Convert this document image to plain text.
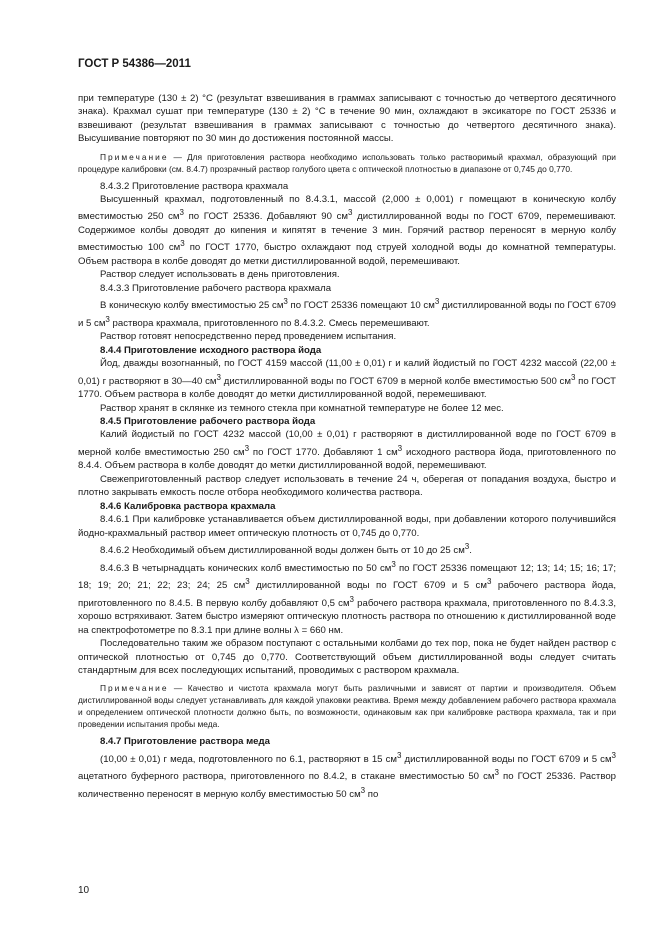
ГОСТ Р 54386—2011

при температуре (130 ± 2) °С (результат взвешивания в граммах записывают с точностью до четвертого десятичного знака). Крахмал сушат при температуре (130 ± 2) °С в течение 90 мин, охлаждают в эксикаторе по ГОСТ 25336 и взвешивают (результат взвешивания в граммах записывают с точностью до четвертого десятичного знака). Высушивание повторяют по 30 мин до достижения постоянной массы.

Примечание — Для приготовления раствора необходимо использовать только растворимый крахмал, образующий при процедуре калибровки (см. 8.4.7) прозрачный раствор голубого цвета с оптической плотностью в диапазоне от 0,745 до 0,770.

8.4.3.2 Приготовление раствора крахмала

Высушенный крахмал, подготовленный по 8.4.3.1, массой (2,000 ± 0,001) г помещают в коническую колбу вместимостью 250 $см^3$ по ГОСТ 25336. Добавляют 90 $см^3$ дистиллированной воды по ГОСТ 6709, перемешивают. Содержимое колбы доводят до кипения и кипятят в течение 3 мин. Горячий раствор переносят в мерную колбу вместимостью 100 $см^3$ по ГОСТ 1770, быстро охлаждают под струей холодной воды до комнатной температуры. Объем раствора в колбе доводят до метки дистиллированной водой, перемешивают.

Раствор следует использовать в день приготовления.

8.4.3.3 Приготовление рабочего раствора крахмала

В коническую колбу вместимостью 25 $см^3$ по ГОСТ 25336 помещают 10 $см^3$ дистиллированной воды по ГОСТ 6709 и 5 $см^3$ раствора крахмала, приготовленного по 8.4.3.2. Смесь перемешивают.

Раствор готовят непосредственно перед проведением испытания.

8.4.4 Приготовление исходного раствора йода

Йод, дважды возогнанный, по ГОСТ 4159 массой (11,00 ± 0,01) г и калий йодистый по ГОСТ 4232 массой (22,00 ± 0,01) г растворяют в 30—40 $см^3$ дистиллированной воды по ГОСТ 6709 в мерной колбе вместимостью 500 $см^3$ по ГОСТ 1770. Объем раствора в колбе доводят до метки дистиллированной водой, перемешивают.

Раствор хранят в склянке из темного стекла при комнатной температуре не более 12 мес.

8.4.5 Приготовление рабочего раствора йода

Калий йодистый по ГОСТ 4232 массой (10,00 ± 0,01) г растворяют в дистиллированной воде по ГОСТ 6709 в мерной колбе вместимостью 250 $см^3$ по ГОСТ 1770. Добавляют 1 $см^3$ исходного раствора йода, приготовленного по 8.4.4. Объем раствора в колбе доводят до метки дистиллированной водой, перемешивают.

Свежеприготовленный раствор следует использовать в течение 24 ч, оберегая от попадания воздуха, быстро и плотно закрывать емкость после отбора необходимого количества раствора.

8.4.6 Калибровка раствора крахмала

8.4.6.1 При калибровке устанавливается объем дистиллированной воды, при добавлении которого получившийся йодно-крахмальный раствор имеет оптическую плотность от 0,745 до 0,770.

8.4.6.2 Необходимый объем дистиллированной воды должен быть от 10 до 25 $см^3$.

8.4.6.3 В четырнадцать конических колб вместимостью по 50 $см^3$ по ГОСТ 25336 помещают 12; 13; 14; 15; 16; 17; 18; 19; 20; 21; 22; 23; 24; 25 $см^3$ дистиллированной воды по ГОСТ 6709 и 5 $см^3$ рабочего раствора йода, приготовленного по 8.4.5. В первую колбу добавляют 0,5 $см^3$ рабочего раствора крахмала, приготовленного по 8.4.3.3, хорошо встряхивают. Затем быстро измеряют оптическую плотность раствора по отношению к дистиллированной воде на спектрофотометре по 8.3.1 при длине волны λ = 660 нм.

Последовательно таким же образом поступают с остальными колбами до тех пор, пока не будет найден раствор с оптической плотностью от 0,745 до 0,770. Соответствующий объем дистиллированной воды следует считать стандартным для всех последующих испытаний, проводимых с раствором крахмала.

Примечание — Качество и чистота крахмала могут быть различными и зависят от партии и производителя. Объем дистиллированной воды следует устанавливать для каждой упаковки реактива. Время между добавлением рабочего раствора крахмала и определением оптической плотности должно быть, по возможности, одинаковым как при калибровке раствора крахмала, так и при проведении испытания пробы меда.

8.4.7 Приготовление раствора меда

(10,00 ± 0,01) г меда, подготовленного по 6.1, растворяют в 15 $см^3$ дистиллированной воды по ГОСТ 6709 и 5 $см^3$ ацетатного буферного раствора, приготовленного по 8.4.2, в стакане вместимостью 50 $см^3$ по ГОСТ 25336. Раствор количественно переносят в мерную колбу вместимостью 50 $см^3$ по

10
